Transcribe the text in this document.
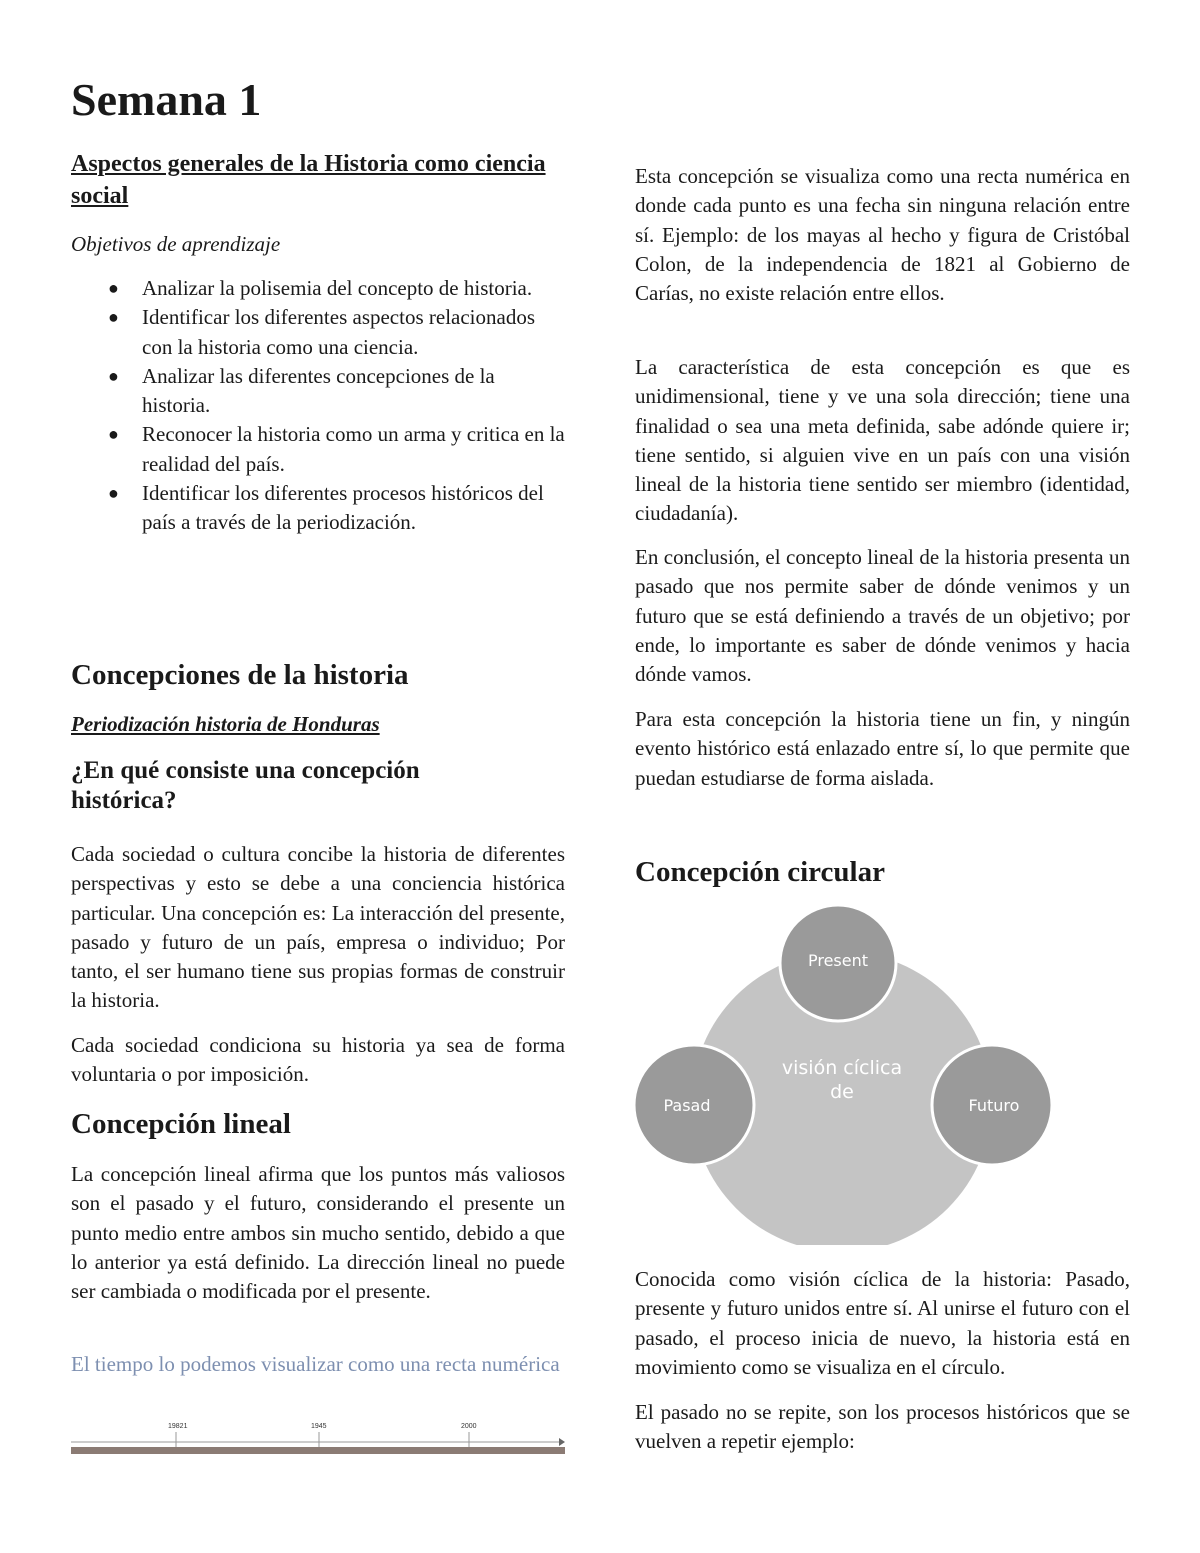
Semana 1
Aspectos generales de la Historia como ciencia social

Objetivos de aprendizaje

● Analizar la polisemia del concepto de historia.
● Identificar los diferentes aspectos relacionados con la historia como una ciencia.
● Analizar las diferentes concepciones de la historia.
● Reconocer la historia como un arma y critica en la realidad del país.
● Identificar los diferentes procesos históricos del país a través de la periodización.
Concepciones de la historia

Periodización historia de Honduras

¿En qué consiste una concepción histórica?

Cada sociedad o cultura concibe la historia de diferentes perspectivas y esto se debe a una conciencia histórica particular. Una concepción es: La interacción del presente, pasado y futuro de un país, empresa o individuo; Por tanto, el ser humano tiene sus propias formas de construir la historia.

Cada sociedad condiciona su historia ya sea de forma voluntaria o por imposición.

Concepción lineal

La concepción lineal afirma que los puntos más valiosos son el pasado y el futuro, considerando el presente un punto medio entre ambos sin mucho sentido, debido a que lo anterior ya está definido. La dirección lineal no puede ser cambiada o modificada por el presente.

El tiempo lo podemos visualizar como una recta numérica

19821	1945	2000

Esta concepción se visualiza como una recta numérica en donde cada punto es una fecha sin ninguna relación entre sí. Ejemplo: de los mayas al hecho y figura de Cristóbal Colon, de la independencia de 1821 al Gobierno de Carías, no existe relación entre ellos.

La característica de esta concepción es que es unidimensional, tiene y ve una sola dirección; tiene una finalidad o sea una meta definida, sabe adónde quiere ir; tiene sentido, si alguien vive en un país con una visión lineal de la historia tiene sentido ser miembro (identidad, ciudadanía).

En conclusión, el concepto lineal de la historia presenta un pasado que nos permite saber de dónde venimos y un futuro que se está definiendo a través de un objetivo; por ende, lo importante es saber de dónde venimos y hacia dónde vamos.

Para esta concepción la historia tiene un fin, y ningún evento histórico está enlazado entre sí, lo que permite que puedan estudiarse de forma aislada.

Concepción circular
visión cíclica
de
Present
Pasad	Futuro

Conocida como visión cíclica de la historia: Pasado, presente y futuro unidos entre sí. Al unirse el futuro con el pasado, el proceso inicia de nuevo, la historia está en movimiento como se visualiza en el círculo.

El pasado no se repite, son los procesos históricos que se vuelven a repetir ejemplo:
